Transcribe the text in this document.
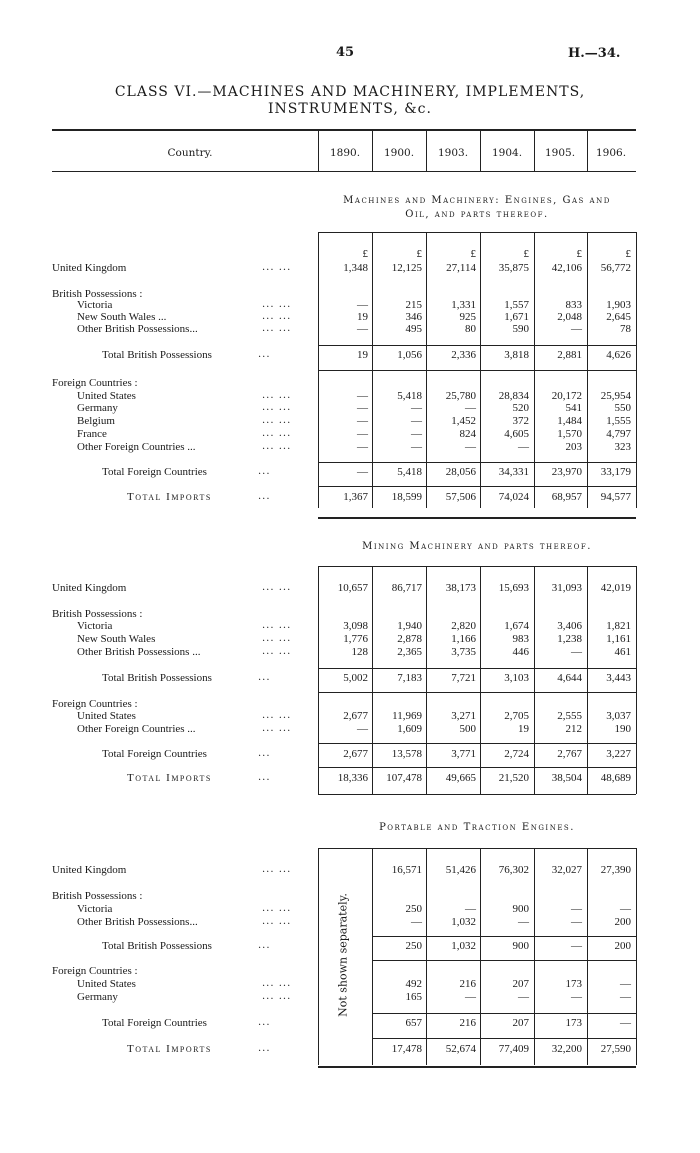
45	H.—34.
CLASS VI.—MACHINES AND MACHINERY, IMPLEMENTS,
INSTRUMENTS, &c.
Country.	1890.	1900.	1903.	1904.	1905.	1906.
Machines and Machinery: Engines, Gas and
Oil, and parts thereof.
£	£	£	£	£	£
United Kingdom	... ...	1,348	12,125	27,114	35,875	42,106	56,772
British Possessions :
Victoria	... ...	—	215	1,331	1,557	833	1,903
New South Wales ...	... ...	19	346	925	1,671	2,048	2,645
Other British Possessions...	... ...	—	495	80	590	—	78
Total British Possessions	...	19	1,056	2,336	3,818	2,881	4,626
Foreign Countries :
United States	... ...	—	5,418	25,780	28,834	20,172	25,954
Germany	... ...	—	—	—	520	541	550
Belgium	... ...	—	—	1,452	372	1,484	1,555
France	... ...	—	—	824	4,605	1,570	4,797
Other Foreign Countries ...	... ...	—	—	—	—	203	323
Total Foreign Countries	...	—	5,418	28,056	34,331	23,970	33,179
Total Imports	...	1,367	18,599	57,506	74,024	68,957	94,577
Mining Machinery and parts thereof.
United Kingdom	... ...	10,657	86,717	38,173	15,693	31,093	42,019
British Possessions :
Victoria	... ...	3,098	1,940	2,820	1,674	3,406	1,821
New South Wales	... ...	1,776	2,878	1,166	983	1,238	1,161
Other British Possessions ...	... ...	128	2,365	3,735	446	—	461
Total British Possessions	...	5,002	7,183	7,721	3,103	4,644	3,443
Foreign Countries :
United States	... ...	2,677	11,969	3,271	2,705	2,555	3,037
Other Foreign Countries ...	... ...	—	1,609	500	19	212	190
Total Foreign Countries	...	2,677	13,578	3,771	2,724	2,767	3,227
Total Imports	...	18,336	107,478	49,665	21,520	38,504	48,689
Portable and Traction Engines.
Not shown separately.
United Kingdom	... ...	16,571	51,426	76,302	32,027	27,390
British Possessions :
Victoria	... ...	250	—	900	—	—
Other British Possessions...	... ...	—	1,032	—	—	200
Total British Possessions	...	250	1,032	900	—	200
Foreign Countries :
United States	... ...	492	216	207	173	—
Germany	... ...	165	—	—	—	—
Total Foreign Countries	...	657	216	207	173	—
Total Imports	...	17,478	52,674	77,409	32,200	27,590
